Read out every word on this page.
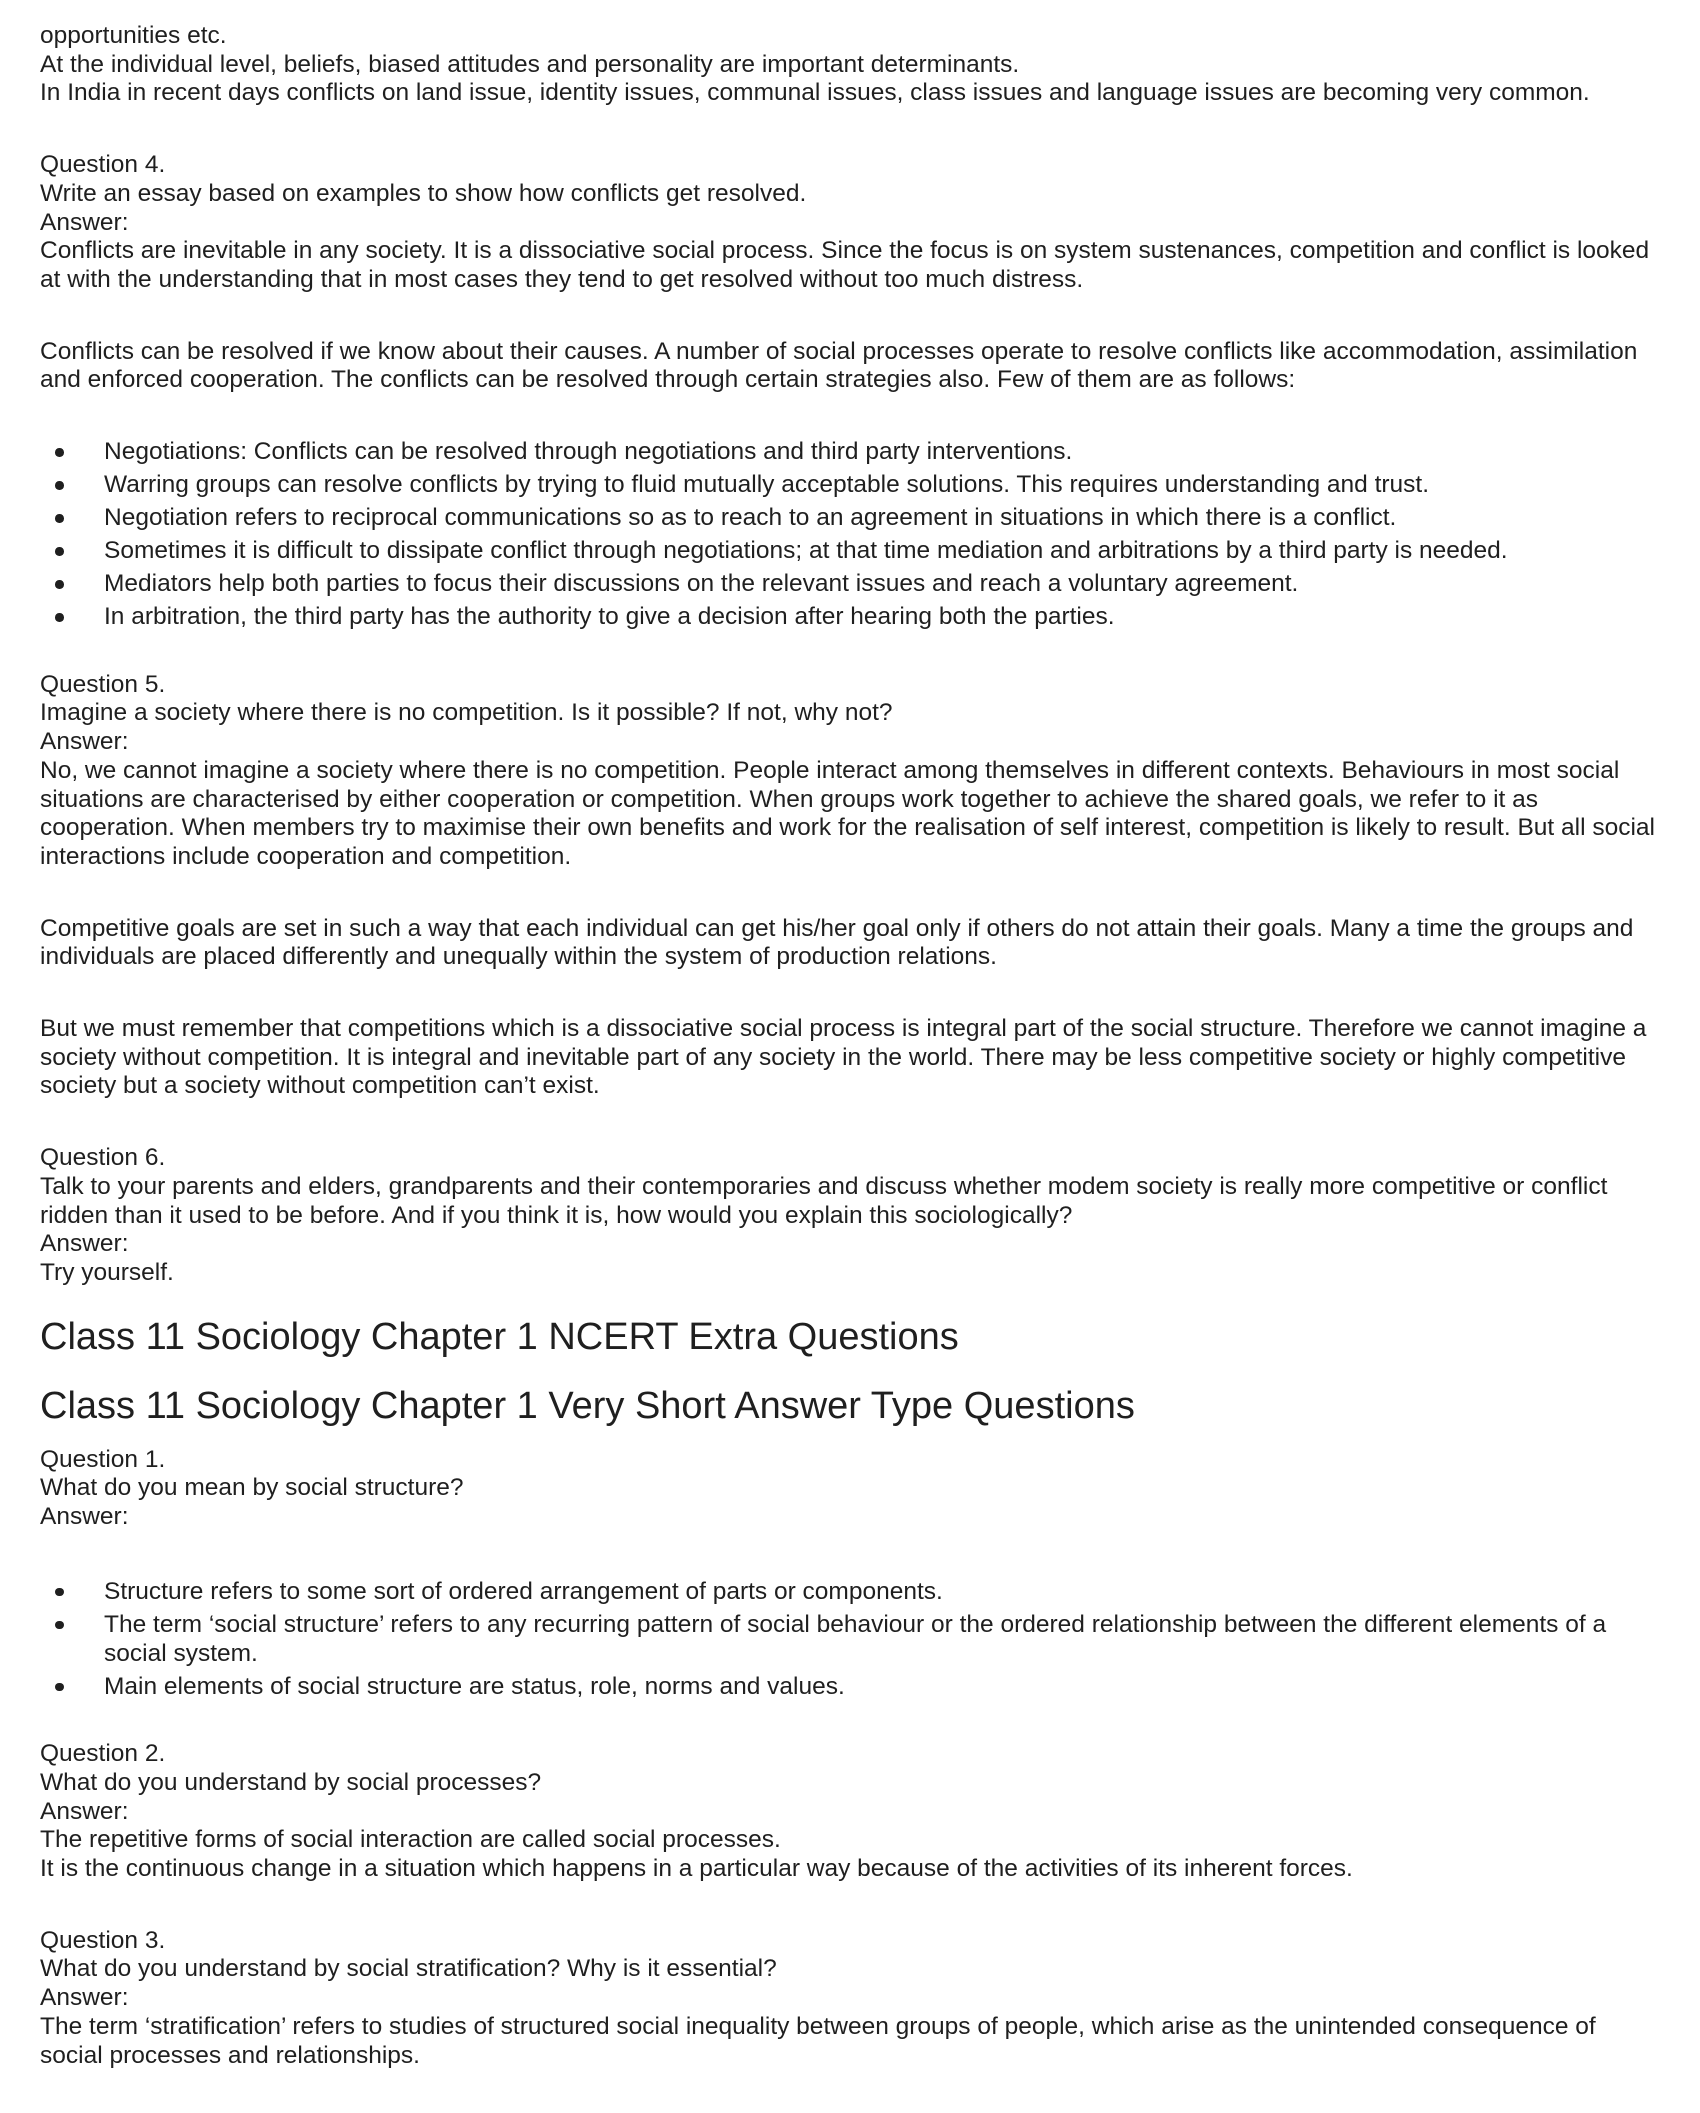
opportunities etc.
At the individual level, beliefs, biased attitudes and personality are important determinants.
In India in recent days conflicts on land issue, identity issues, communal issues, class issues and language issues are becoming very common.

Question 4.
Write an essay based on examples to show how conflicts get resolved.
Answer:
Conflicts are inevitable in any society. It is a dissociative social process. Since the focus is on system sustenances, competition and conflict is looked at with the understanding that in most cases they tend to get resolved without too much distress.

Conflicts can be resolved if we know about their causes. A number of social processes operate to resolve conflicts like accommodation, assimilation and enforced cooperation. The conflicts can be resolved through certain strategies also. Few of them are as follows:

Negotiations: Conflicts can be resolved through negotiations and third party interventions.
Warring groups can resolve conflicts by trying to fluid mutually acceptable solutions. This requires understanding and trust.
Negotiation refers to reciprocal communications so as to reach to an agreement in situations in which there is a conflict.
Sometimes it is difficult to dissipate conflict through negotiations; at that time mediation and arbitrations by a third party is needed.
Mediators help both parties to focus their discussions on the relevant issues and reach a voluntary agreement.
In arbitration, the third party has the authority to give a decision after hearing both the parties.

Question 5.
Imagine a society where there is no competition. Is it possible? If not, why not?
Answer:
No, we cannot imagine a society where there is no competition. People interact among themselves in different contexts. Behaviours in most social situations are characterised by either cooperation or competition. When groups work together to achieve the shared goals, we refer to it as cooperation. When members try to maximise their own benefits and work for the realisation of self interest, competition is likely to result. But all social interactions include cooperation and competition.

Competitive goals are set in such a way that each individual can get his/her goal only if others do not attain their goals. Many a time the groups and individuals are placed differently and unequally within the system of production relations.

But we must remember that competitions which is a dissociative social process is integral part of the social structure. Therefore we cannot imagine a society without competition. It is integral and inevitable part of any society in the world. There may be less competitive society or highly competitive society but a society without competition can’t exist.

Question 6.
Talk to your parents and elders, grandparents and their contemporaries and discuss whether modem society is really more competitive or conflict ridden than it used to be before. And if you think it is, how would you explain this sociologically?
Answer:
Try yourself.

Class 11 Sociology Chapter 1 NCERT Extra Questions
Class 11 Sociology Chapter 1 Very Short Answer Type Questions

Question 1.
What do you mean by social structure?
Answer:

Structure refers to some sort of ordered arrangement of parts or components.
The term ‘social structure’ refers to any recurring pattern of social behaviour or the ordered relationship between the different elements of a social system.
Main elements of social structure are status, role, norms and values.

Question 2.
What do you understand by social processes?
Answer:
The repetitive forms of social interaction are called social processes.
It is the continuous change in a situation which happens in a particular way because of the activities of its inherent forces.

Question 3.
What do you understand by social stratification? Why is it essential?
Answer:
The term ‘stratification’ refers to studies of structured social inequality between groups of people, which arise as the unintended consequence of social processes and relationships.
